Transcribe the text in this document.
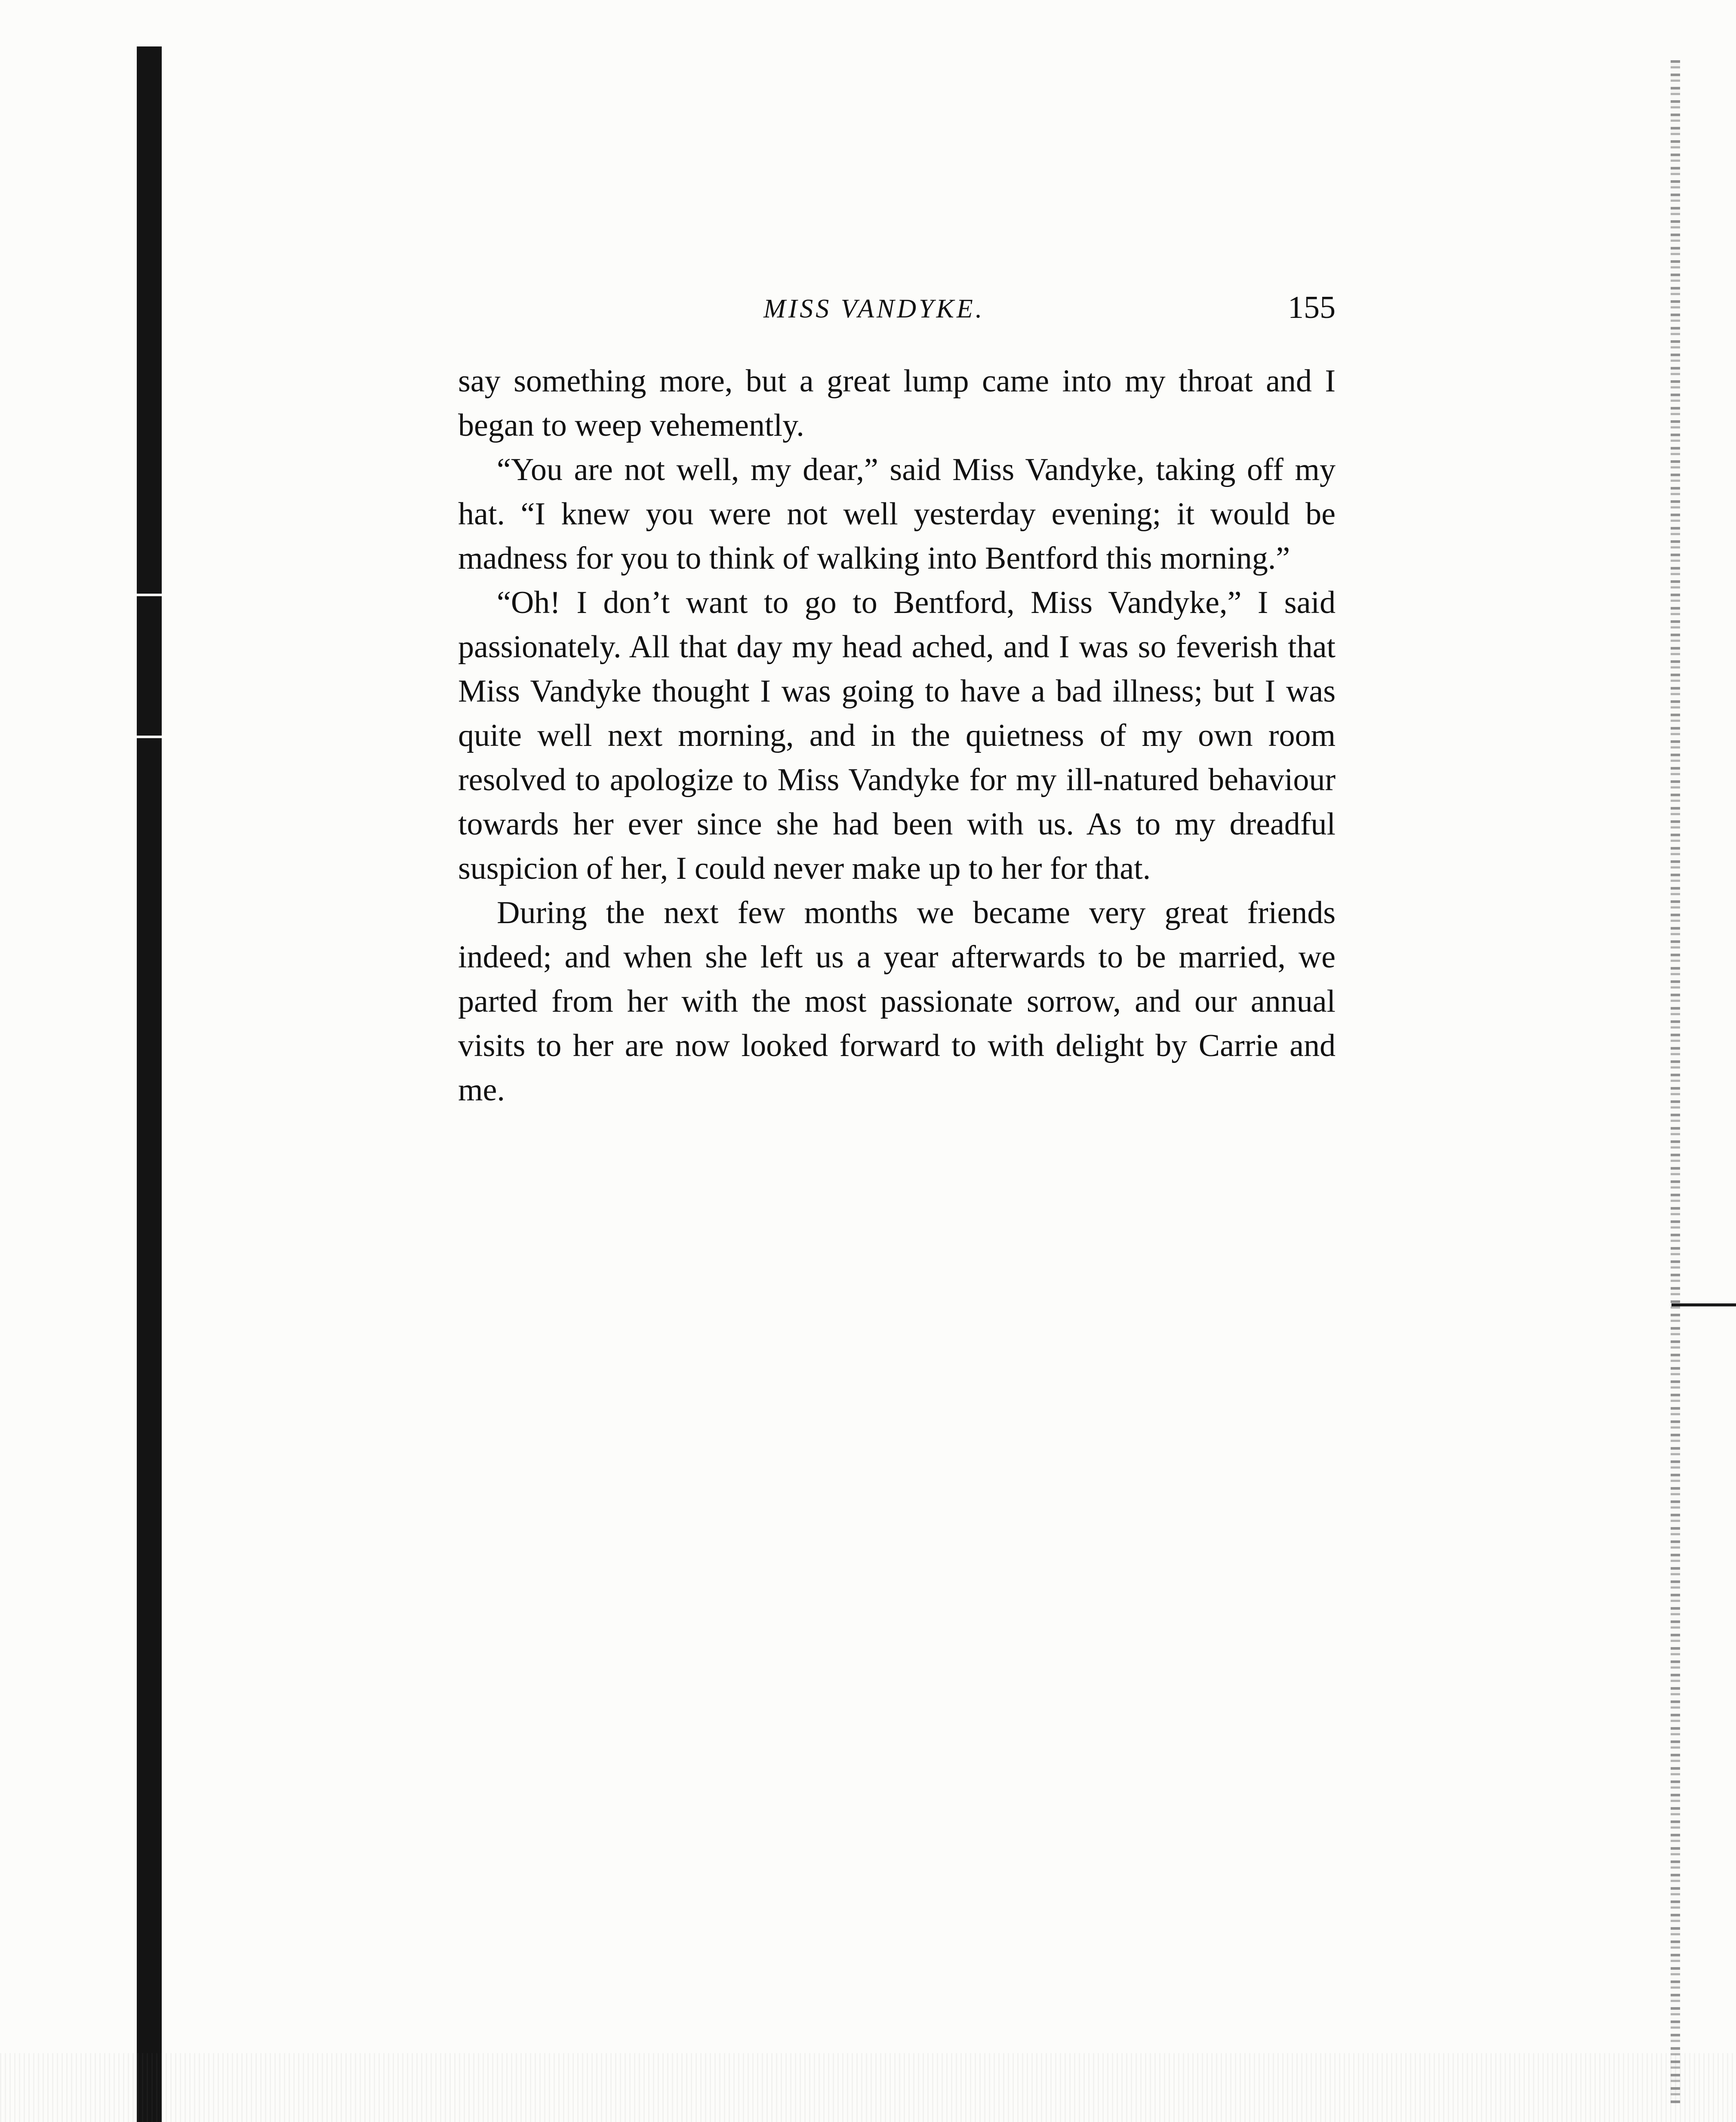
MISS VANDYKE.	155

say something more, but a great lump came into my throat and I began to weep vehemently.

“You are not well, my dear,” said Miss Vandyke, taking off my hat. “I knew you were not well yesterday evening; it would be madness for you to think of walking into Bentford this morning.”

“Oh! I don’t want to go to Bentford, Miss Vandyke,” I said passionately. All that day my head ached, and I was so feverish that Miss Vandyke thought I was going to have a bad illness; but I was quite well next morning, and in the quietness of my own room resolved to apologize to Miss Vandyke for my ill-natured behaviour towards her ever since she had been with us. As to my dreadful suspicion of her, I could never make up to her for that.

During the next few months we became very great friends indeed; and when she left us a year afterwards to be married, we parted from her with the most passionate sorrow, and our annual visits to her are now looked forward to with delight by Carrie and me.
